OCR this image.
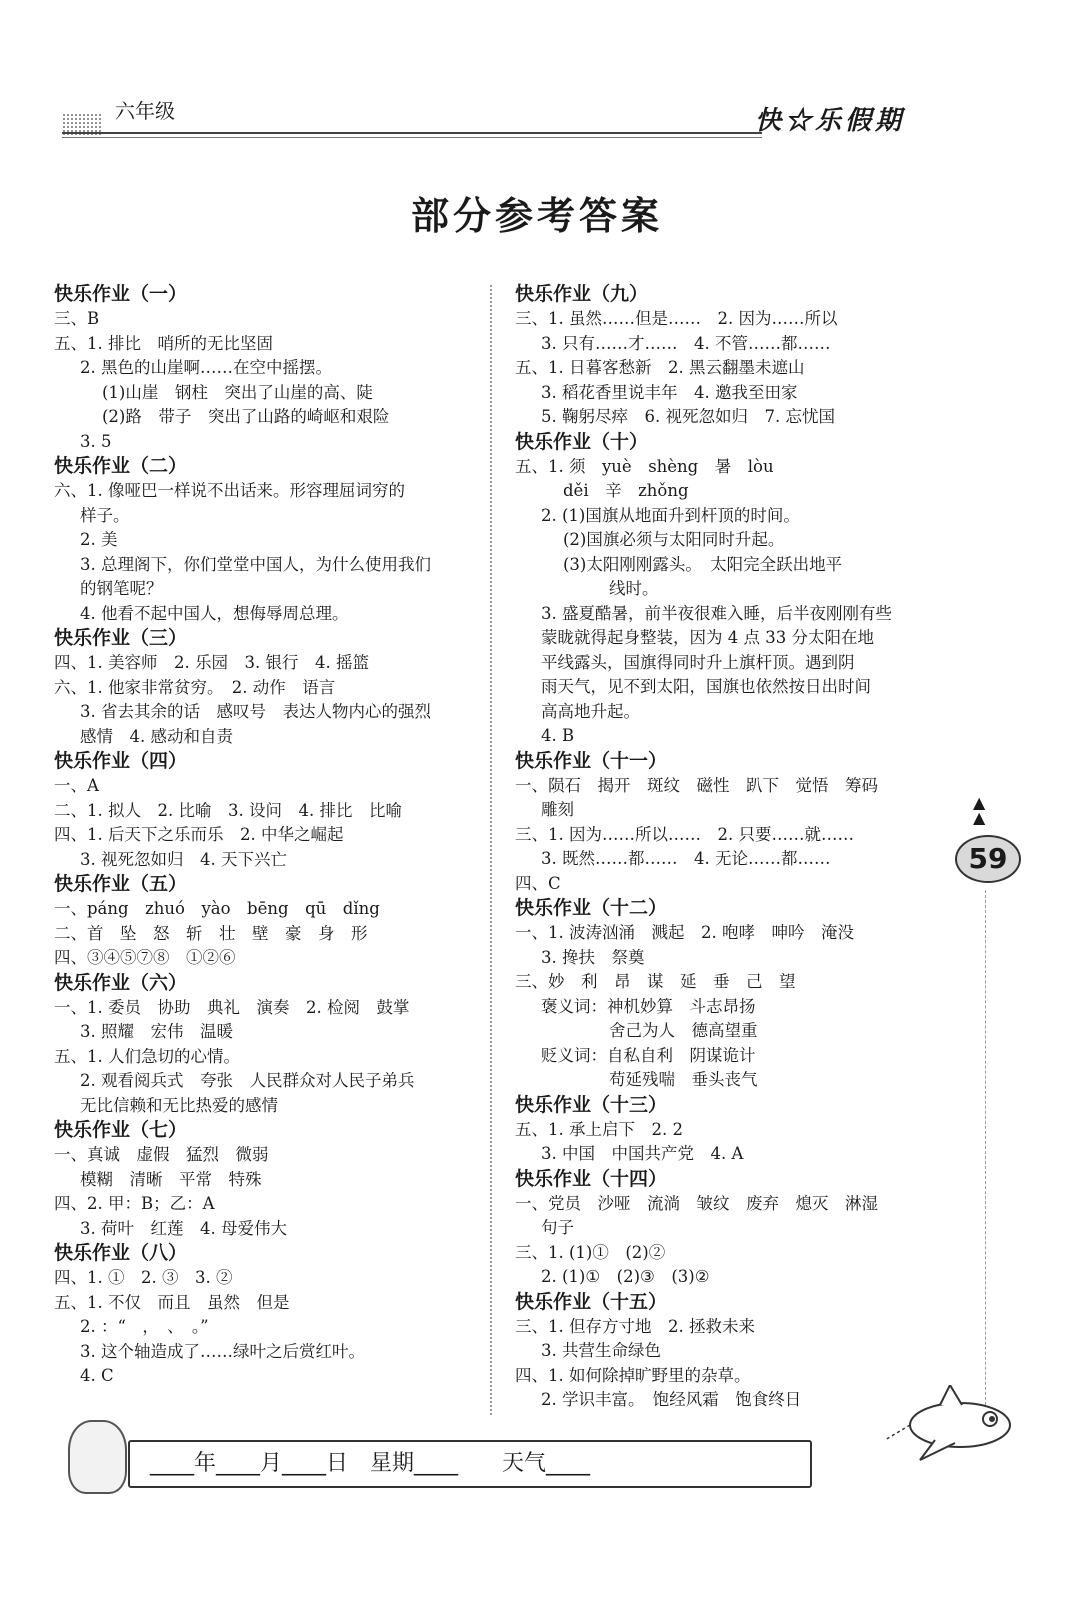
六年级	快☆乐假期
部分参考答案
快乐作业（一）
三、B
五、1. 排比　哨所的无比坚固
2. 黑色的山崖啊……在空中摇摆。
(1)山崖　钢柱　突出了山崖的高、陡
(2)路　带子　突出了山路的崎岖和艰险
3. 5
快乐作业（二）
六、1. 像哑巴一样说不出话来。形容理屈词穷的
样子。
2. 美
3. 总理阁下，你们堂堂中国人，为什么使用我们
的钢笔呢？
4. 他看不起中国人，想侮辱周总理。
快乐作业（三）
四、1. 美容师　2. 乐园　3. 银行　4. 摇篮
六、1. 他家非常贫穷。　2. 动作　语言
3. 省去其余的话　感叹号　表达人物内心的强烈
感情　4. 感动和自责
快乐作业（四）
一、A
二、1. 拟人　2. 比喻　3. 设问　4. 排比　比喻
四、1. 后天下之乐而乐　2. 中华之崛起
3. 视死忽如归　4. 天下兴亡
快乐作业（五）
一、páng　zhuó　yào　bēng　qū　dǐng
二、首　坠　怒　斩　壮　壁　豪　身　形
四、③④⑤⑦⑧　①②⑥
快乐作业（六）
一、1. 委员　协助　典礼　演奏　2. 检阅　鼓掌
3. 照耀　宏伟　温暖
五、1. 人们急切的心情。
2. 观看阅兵式　夸张　人民群众对人民子弟兵
无比信赖和无比热爱的感情
快乐作业（七）
一、真诚　虚假　猛烈　微弱
模糊　清晰　平常　特殊
四、2. 甲：B；乙：A
3. 荷叶　红莲　4. 母爱伟大
快乐作业（八）
四、1. ①　2. ③　3. ②
五、1. 不仅　而且　虽然　但是
2. ：“　，　、　。”
3. 这个轴造成了……绿叶之后赏红叶。
4. C
快乐作业（九）
三、1. 虽然……但是……　2. 因为……所以
3. 只有……才……　4. 不管……都……
五、1. 日暮客愁新　2. 黑云翻墨未遮山
3. 稻花香里说丰年　4. 邀我至田家
5. 鞠躬尽瘁　6. 视死忽如归　7. 忘忧国
快乐作业（十）
五、1. 须　yuè　shèng　暑　lòu
děi　辛　zhǒng
2. (1)国旗从地面升到杆顶的时间。
(2)国旗必须与太阳同时升起。
(3)太阳刚刚露头。　太阳完全跃出地平
线时。
3. 盛夏酷暑，前半夜很难入睡，后半夜刚刚有些
蒙眬就得起身整装，因为 4 点 33 分太阳在地
平线露头，国旗得同时升上旗杆顶。遇到阴
雨天气，见不到太阳，国旗也依然按日出时间
高高地升起。
4. B
快乐作业（十一）
一、陨石　揭开　斑纹　磁性　趴下　觉悟　筹码
雕刻
三、1. 因为……所以……　2. 只要……就……
3. 既然……都……　4. 无论……都……
四、C
快乐作业（十二）
一、1. 波涛汹涌　溅起　2. 咆哮　呻吟　淹没
3. 搀扶　祭奠
三、妙　利　昂　谋　延　垂　己　望
褒义词：神机妙算　斗志昂扬
舍己为人　德高望重
贬义词：自私自利　阴谋诡计
苟延残喘　垂头丧气
快乐作业（十三）
五、1. 承上启下　2. 2
3. 中国　中国共产党　4. A
快乐作业（十四）
一、党员　沙哑　流淌　皱纹　废弃　熄灭　淋湿
句子
三、1. (1)①　(2)②
2. (1)①　(2)③　(3)②
快乐作业（十五）
三、1. 但存方寸地　2. 拯救未来
3. 共营生命绿色
四、1. 如何除掉旷野里的杂草。
2. 学识丰富。　饱经风霜　饱食终日
▲
▲
59
____年____月____日　星期____　　天气____
